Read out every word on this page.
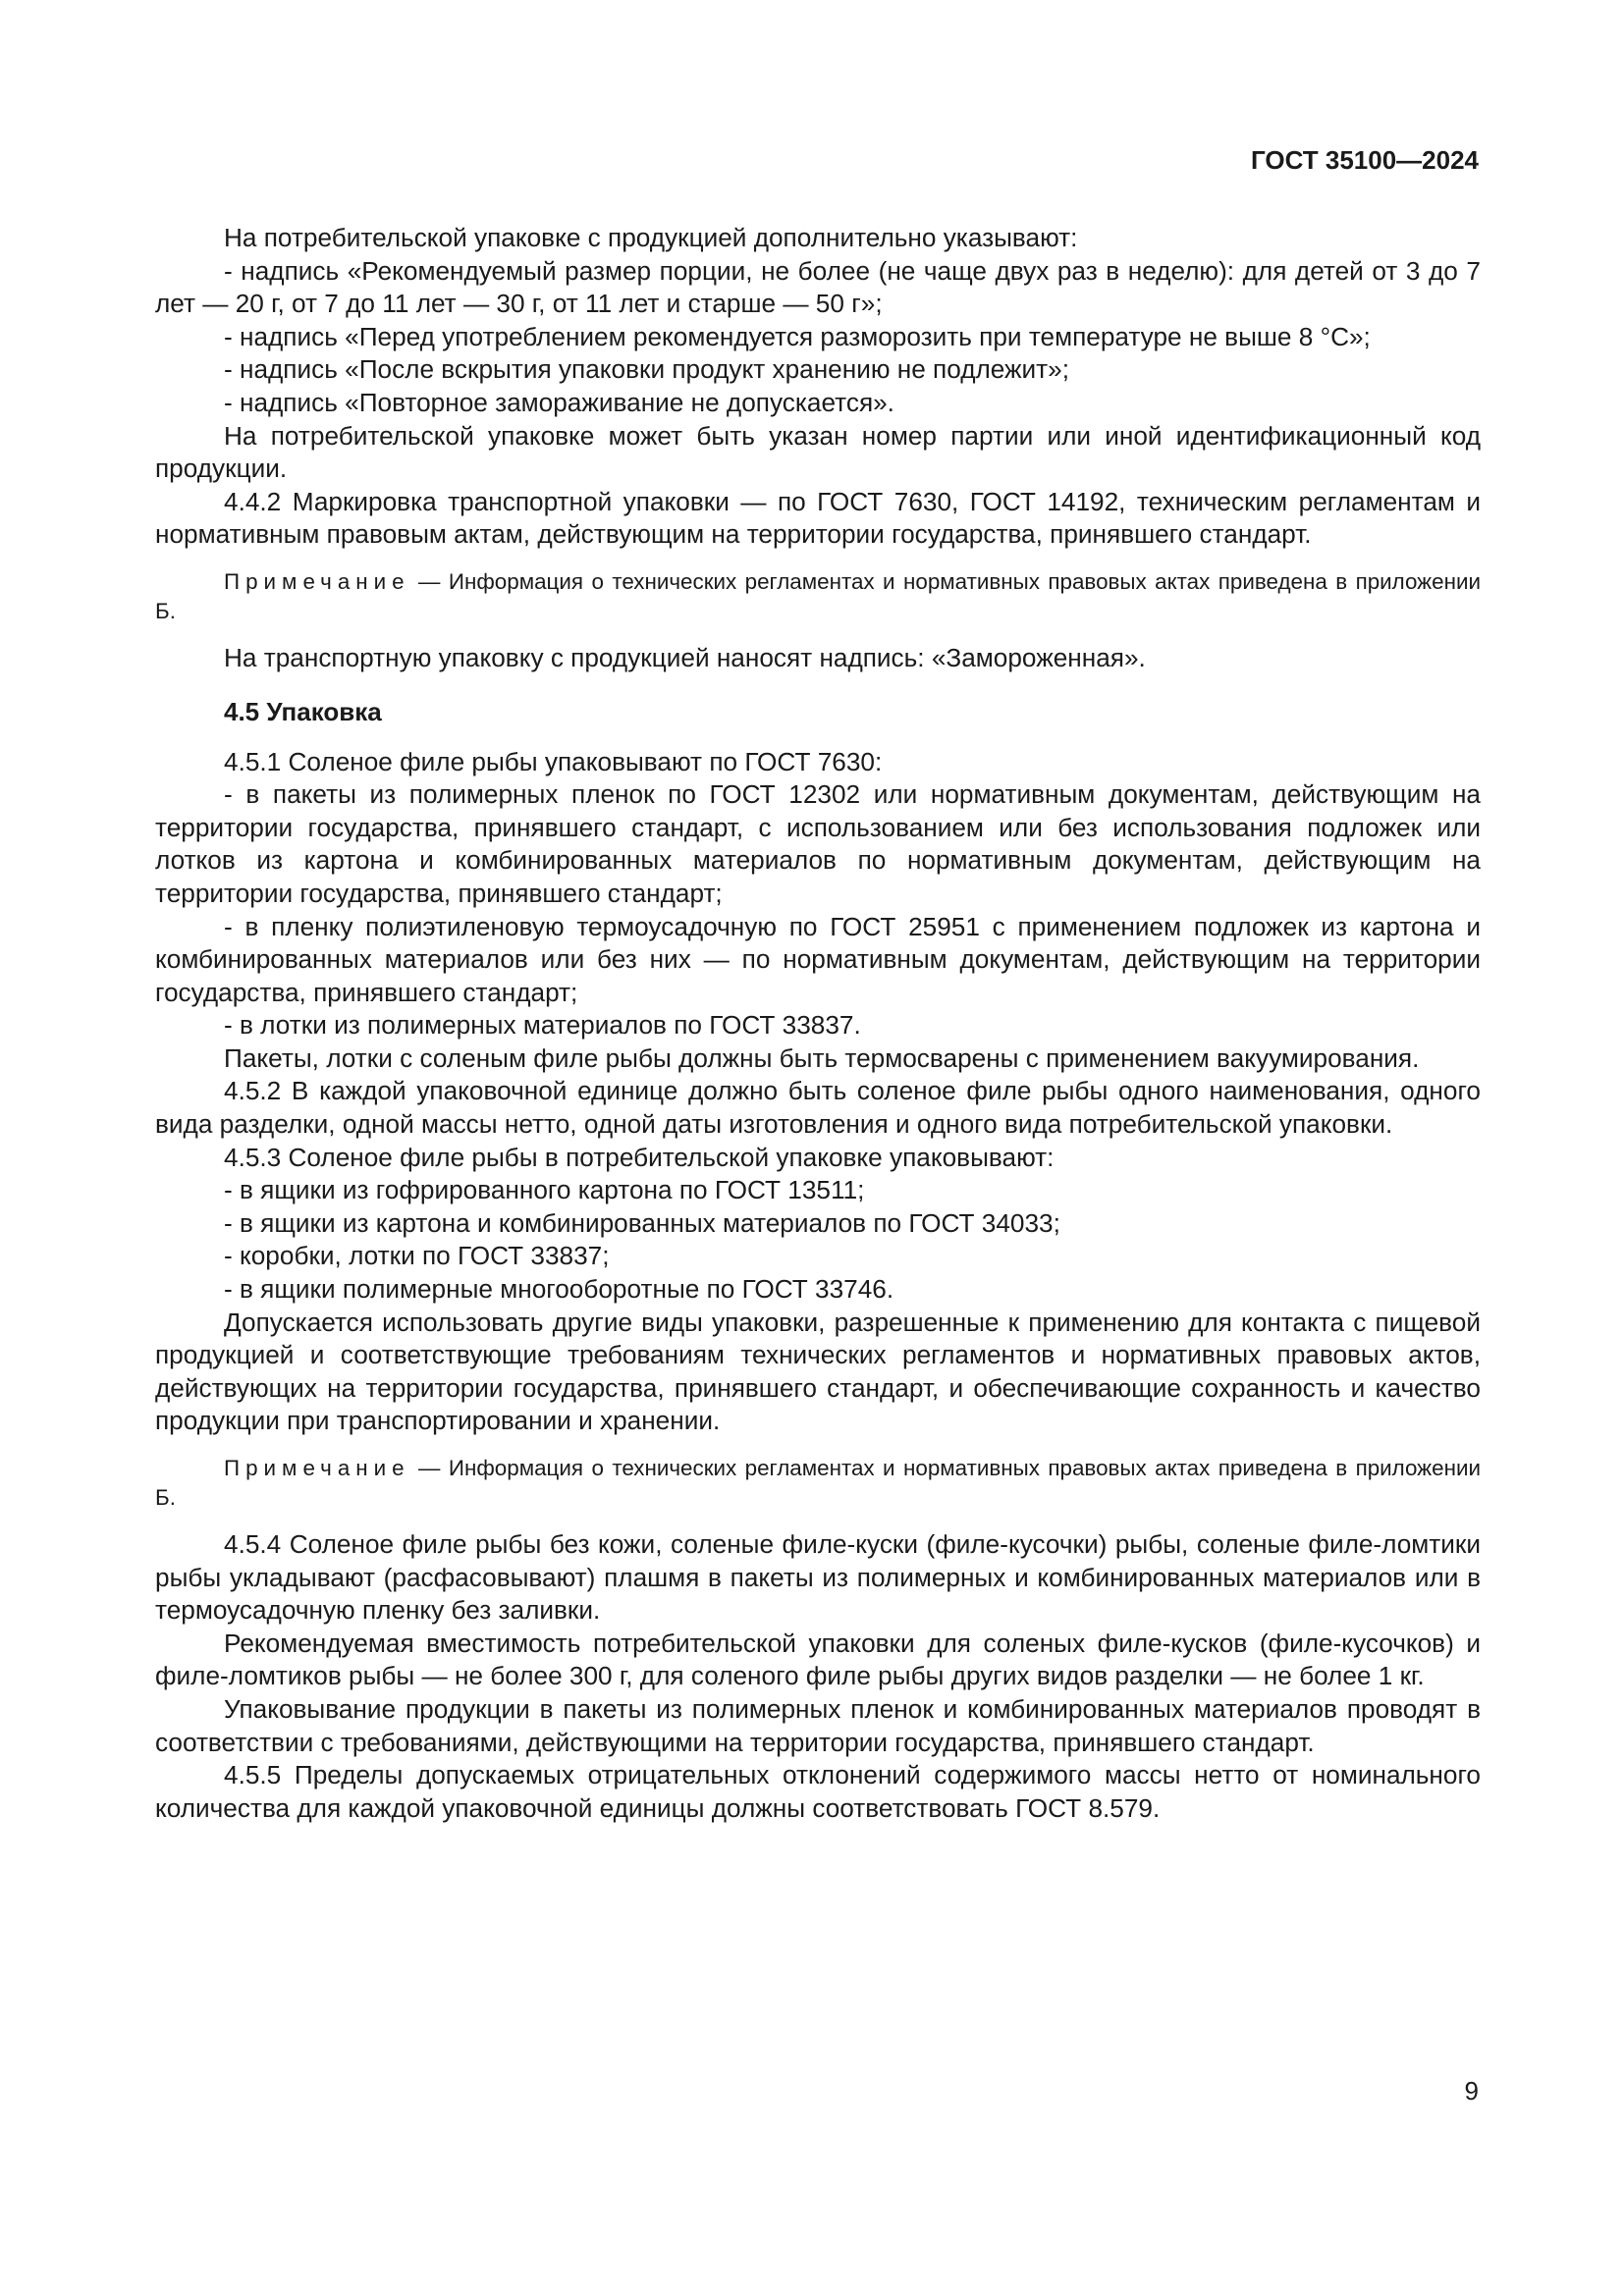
ГОСТ 35100—2024

На потребительской упаковке с продукцией дополнительно указывают:

- надпись «Рекомендуемый размер порции, не более (не чаще двух раз в неделю): для детей от 3 до 7 лет — 20 г, от 7 до 11 лет — 30 г, от 11 лет и старше — 50 г»;

- надпись «Перед употреблением рекомендуется разморозить при температуре не выше 8 °С»;

- надпись «После вскрытия упаковки продукт хранению не подлежит»;

- надпись «Повторное замораживание не допускается».

На потребительской упаковке может быть указан номер партии или иной идентификационный код продукции.

4.4.2 Маркировка транспортной упаковки — по ГОСТ 7630, ГОСТ 14192, техническим регламентам и нормативным правовым актам, действующим на территории государства, принявшего стандарт.

Примечание — Информация о технических регламентах и нормативных правовых актах приведена в приложении Б.

На транспортную упаковку с продукцией наносят надпись: «Замороженная».

4.5 Упаковка

4.5.1 Соленое филе рыбы упаковывают по ГОСТ 7630:

- в пакеты из полимерных пленок по ГОСТ 12302 или нормативным документам, действующим на территории государства, принявшего стандарт, с использованием или без использования подложек или лотков из картона и комбинированных материалов по нормативным документам, действующим на территории государства, принявшего стандарт;

- в пленку полиэтиленовую термоусадочную по ГОСТ 25951 с применением подложек из картона и комбинированных материалов или без них — по нормативным документам, действующим на территории государства, принявшего стандарт;

- в лотки из полимерных материалов по ГОСТ 33837.

Пакеты, лотки с соленым филе рыбы должны быть термосварены с применением вакуумирования.

4.5.2 В каждой упаковочной единице должно быть соленое филе рыбы одного наименования, одного вида разделки, одной массы нетто, одной даты изготовления и одного вида потребительской упаковки.

4.5.3 Соленое филе рыбы в потребительской упаковке упаковывают:

- в ящики из гофрированного картона по ГОСТ 13511;

- в ящики из картона и комбинированных материалов по ГОСТ 34033;

- коробки, лотки по ГОСТ 33837;

- в ящики полимерные многооборотные по ГОСТ 33746.

Допускается использовать другие виды упаковки, разрешенные к применению для контакта с пищевой продукцией и соответствующие требованиям технических регламентов и нормативных правовых актов, действующих на территории государства, принявшего стандарт, и обеспечивающие сохранность и качество продукции при транспортировании и хранении.

Примечание — Информация о технических регламентах и нормативных правовых актах приведена в приложении Б.

4.5.4 Соленое филе рыбы без кожи, соленые филе-куски (филе-кусочки) рыбы, соленые филе-ломтики рыбы укладывают (расфасовывают) плашмя в пакеты из полимерных и комбинированных материалов или в термоусадочную пленку без заливки.

Рекомендуемая вместимость потребительской упаковки для соленых филе-кусков (филе-кусочков) и филе-ломтиков рыбы — не более 300 г, для соленого филе рыбы других видов разделки — не более 1 кг.

Упаковывание продукции в пакеты из полимерных пленок и комбинированных материалов проводят в соответствии с требованиями, действующими на территории государства, принявшего стандарт.

4.5.5 Пределы допускаемых отрицательных отклонений содержимого массы нетто от номинального количества для каждой упаковочной единицы должны соответствовать ГОСТ 8.579.

9
